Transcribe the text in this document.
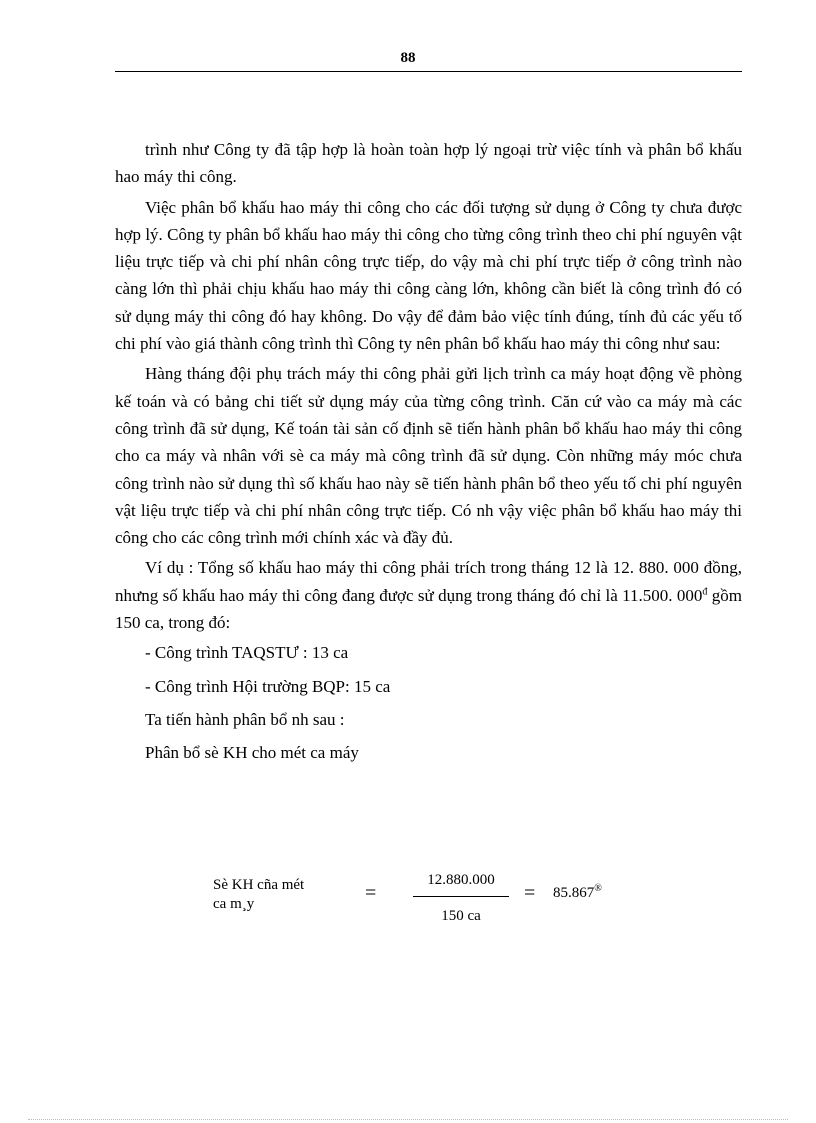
88

trình như Công ty đã tập hợp là hoàn toàn hợp lý ngoại trừ việc tính và phân bổ khấu hao máy thi công.

Việc phân bổ khấu hao máy thi công cho các đối tượng sử dụng ở Công ty chưa được hợp lý. Công ty phân bổ khấu hao máy thi công cho từng công trình theo chi phí nguyên vật liệu trực tiếp và chi phí nhân công trực tiếp, do vậy mà chi phí trực tiếp ở công trình nào càng lớn thì phải chịu khấu hao máy thi công càng lớn, không cần biết là công trình đó có sử dụng máy thi công đó hay không. Do vậy để đảm bảo việc tính đúng, tính đủ các yếu tố chi phí vào giá thành công trình thì Công ty nên phân bổ khấu hao máy thi công như sau:

Hàng tháng đội phụ trách máy thi công phải gửi lịch trình ca máy hoạt động về phòng kế toán và có bảng chi tiết sử dụng máy của từng công trình. Căn cứ vào ca máy mà các công trình đã sử dụng, Kế toán tài sản cố định sẽ tiến hành phân bổ khấu hao máy thi công cho ca máy và nhân với sè ca máy mà công trình đã sử dụng. Còn những máy móc chưa công trình nào sử dụng thì số khấu hao này sẽ tiến hành phân bổ theo yếu tố chi phí nguyên vật liệu trực tiếp và chi phí nhân công trực tiếp. Có nh vậy việc phân bổ khấu hao máy thi công cho các công trình mới chính xác và đầy đủ.

Ví dụ : Tổng số khấu hao máy thi công phải trích trong tháng 12 là 12. 880. 000 đồng, nhưng số khấu hao máy thi công đang được sử dụng trong tháng đó chỉ là 11.500. $000^đ$ gồm 150 ca, trong đó:

- Công trình TAQSTƯ : 13 ca

- Công trình Hội trường BQP: 15 ca

Ta tiến hành phân bổ nh sau :

Phân bổ sè KH cho mét ca máy

Sè KH cña mét
ca m¸y	=
12.880.000
150 ca
= 85.867®
